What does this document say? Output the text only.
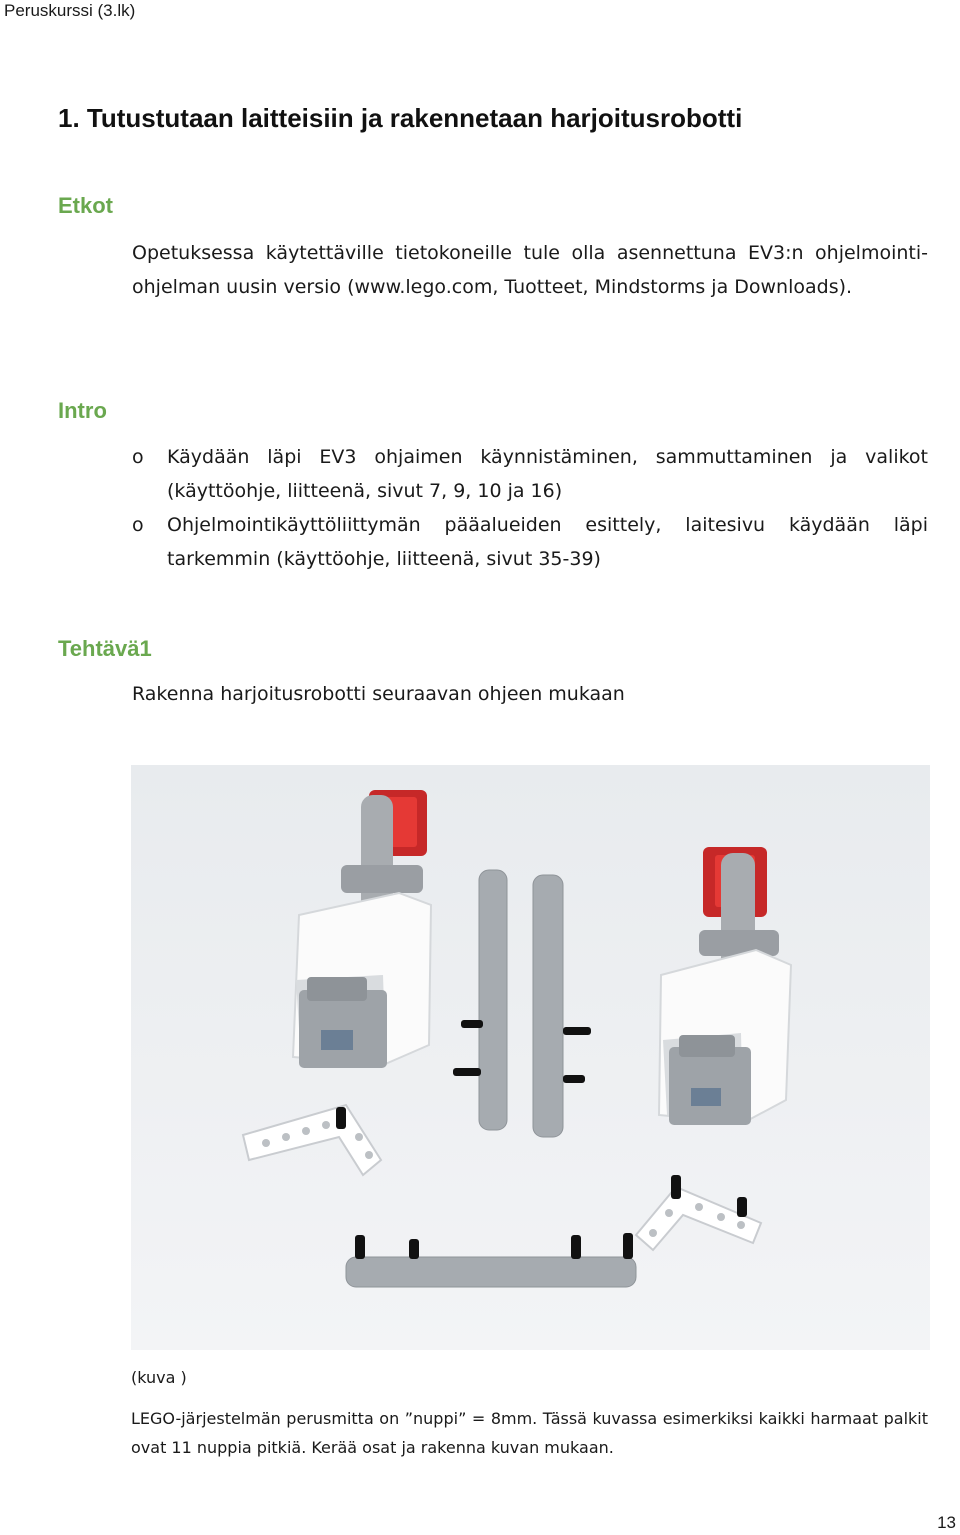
Peruskurssi (3.lk)
1. Tutustutaan laitteisiin ja rakennetaan harjoitusrobotti
Etkot
Opetuksessa käytettäville tietokoneille tule olla asennettuna EV3:n ohjelmointi-ohjelman uusin versio (www.lego.com, Tuotteet, Mindstorms ja Downloads).
Intro
o Käydään läpi EV3 ohjaimen käynnistäminen, sammuttaminen ja valikot (käyttöohje, liitteenä, sivut 7, 9, 10 ja 16)
o Ohjelmointikäyttöliittymän pääalueiden esittely, laitesivu käydään läpi tarkemmin (käyttöohje, liitteenä, sivut 35-39)
Tehtävä1
Rakenna harjoitusrobotti seuraavan ohjeen mukaan
(kuva )
LEGO-järjestelmän perusmitta on ”nuppi” = 8mm. Tässä kuvassa esimerkiksi kaikki harmaat palkit ovat 11 nuppia pitkiä. Kerää osat ja rakenna kuvan mukaan.
13
